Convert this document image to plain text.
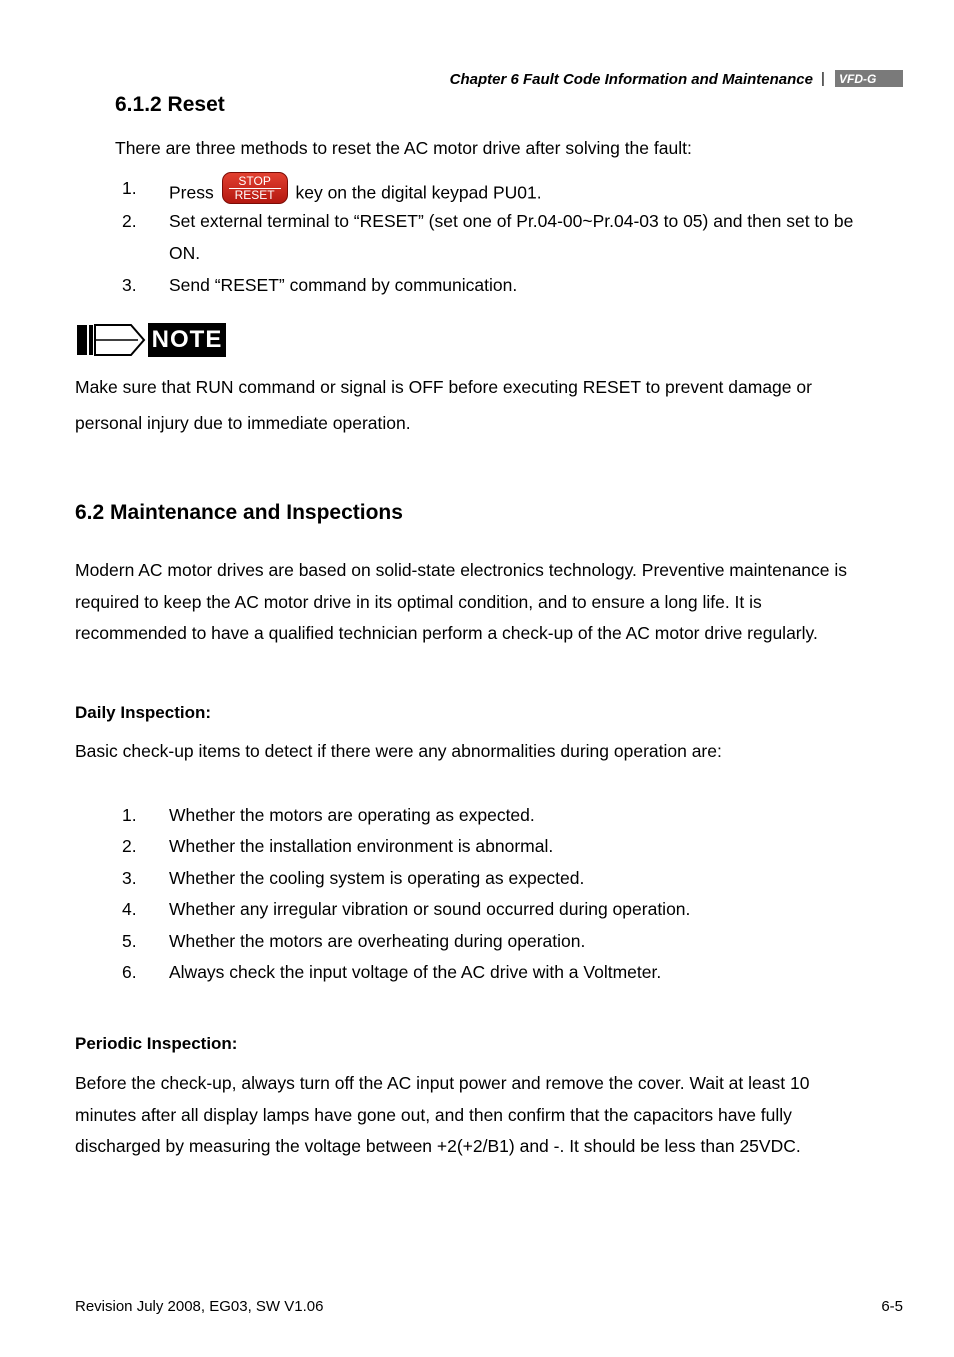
Chapter 6 Fault Code Information and Maintenance | VFD-G
6.1.2 Reset
There are three methods to reset the AC motor drive after solving the fault:
1. Press
STOP
RESET	key on the digital keypad PU01.
2. Set external terminal to “RESET” (set one of Pr.04-00~Pr.04-03 to 05) and then set to be
ON.
3. Send “RESET” command by communication.
NOTE
Make sure that RUN command or signal is OFF before executing RESET to prevent damage or
personal injury due to immediate operation.
6.2 Maintenance and Inspections
Modern AC motor drives are based on solid-state electronics technology. Preventive maintenance is
required to keep the AC motor drive in its optimal condition, and to ensure a long life. It is
recommended to have a qualified technician perform a check-up of the AC motor drive regularly.
Daily Inspection:
Basic check-up items to detect if there were any abnormalities during operation are:
1. Whether the motors are operating as expected.
2. Whether the installation environment is abnormal.
3. Whether the cooling system is operating as expected.
4. Whether any irregular vibration or sound occurred during operation.
5. Whether the motors are overheating during operation.
6. Always check the input voltage of the AC drive with a Voltmeter.
Periodic Inspection:
Before the check-up, always turn off the AC input power and remove the cover. Wait at least 10
minutes after all display lamps have gone out, and then confirm that the capacitors have fully
discharged by measuring the voltage between +2(+2/B1) and -. It should be less than 25VDC.
Revision July 2008, EG03, SW V1.06	6-5
